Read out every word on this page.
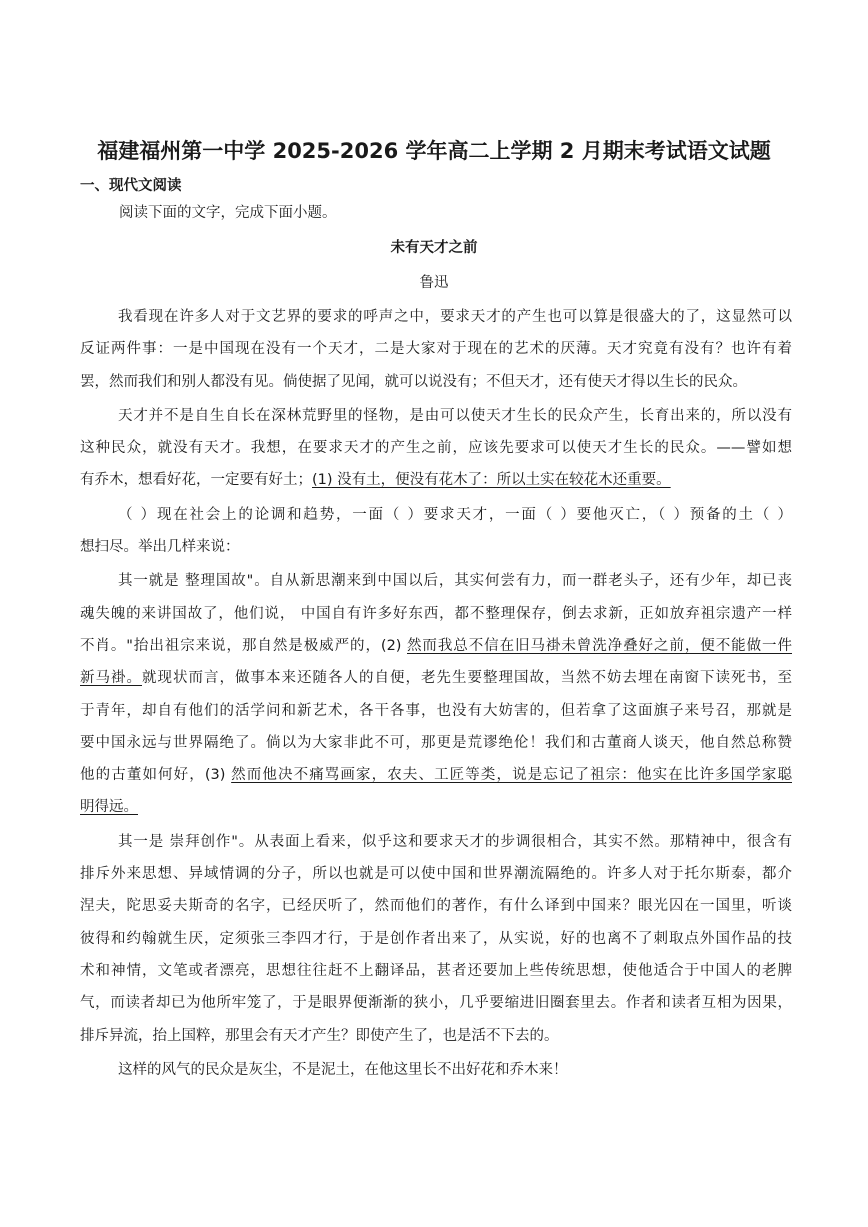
福建福州第一中学 2025-2026 学年高二上学期 2 月期末考试语文试题
一、现代文阅读
阅读下面的文字，完成下面小题。
未有天才之前
鲁迅
我看现在许多人对于文艺界的要求的呼声之中，要求天才的产生也可以算是很盛大的了，这显然可以
反证两件事：一是中国现在没有一个天才，二是大家对于现在的艺术的厌薄。天才究竟有没有？也许有着
罢，然而我们和别人都没有见。倘使据了见闻，就可以说没有；不但天才，还有使天才得以生长的民众。
天才并不是自生自长在深林荒野里的怪物，是由可以使天才生长的民众产生，长育出来的，所以没有
这种民众，就没有天才。我想，在要求天才的产生之前，应该先要求可以使天才生长的民众。——譬如想
有乔木，想看好花，一定要有好土；(1) 没有土，便没有花木了：所以土实在较花木还重要。
（ ）现在社会上的论调和趋势，一面（ ）要求天才，一面（ ）要他灭亡，（ ）预备的土（ ）
想扫尽。举出几样来说：
其一就是 整理国故"。自从新思潮来到中国以后，其实何尝有力，而一群老头子，还有少年，却已丧
魂失魄的来讲国故了，他们说， 中国自有许多好东西，都不整理保存，倒去求新，正如放弃祖宗遗产一样
不肖。"抬出祖宗来说，那自然是极威严的，(2) 然而我总不信在旧马褂未曾洗净叠好之前，便不能做一件
新马褂。就现状而言，做事本来还随各人的自便，老先生要整理国故，当然不妨去埋在南窗下读死书，至
于青年，却自有他们的活学问和新艺术，各干各事，也没有大妨害的，但若拿了这面旗子来号召，那就是
要中国永远与世界隔绝了。倘以为大家非此不可，那更是荒谬绝伦！我们和古董商人谈天，他自然总称赞
他的古董如何好，(3) 然而他决不痛骂画家，农夫、工匠等类，说是忘记了祖宗：他实在比许多国学家聪
明得远。
其一是 崇拜创作"。从表面上看来，似乎这和要求天才的步调很相合，其实不然。那精神中，很含有
排斥外来思想、异域情调的分子，所以也就是可以使中国和世界潮流隔绝的。许多人对于托尔斯泰，都介
涅夫，陀思妥夫斯奇的名字，已经厌听了，然而他们的著作，有什么译到中国来？眼光囚在一国里，听谈
彼得和约翰就生厌，定须张三李四才行，于是创作者出来了，从实说，好的也离不了刺取点外国作品的技
术和神情，文笔或者漂亮，思想往往赶不上翻译品，甚者还要加上些传统思想，使他适合于中国人的老脾
气，而读者却已为他所牢笼了，于是眼界便渐渐的狭小，几乎要缩进旧圈套里去。作者和读者互相为因果，
排斥异流，抬上国粹，那里会有天才产生？即使产生了，也是活不下去的。
这样的风气的民众是灰尘，不是泥土，在他这里长不出好花和乔木来！
